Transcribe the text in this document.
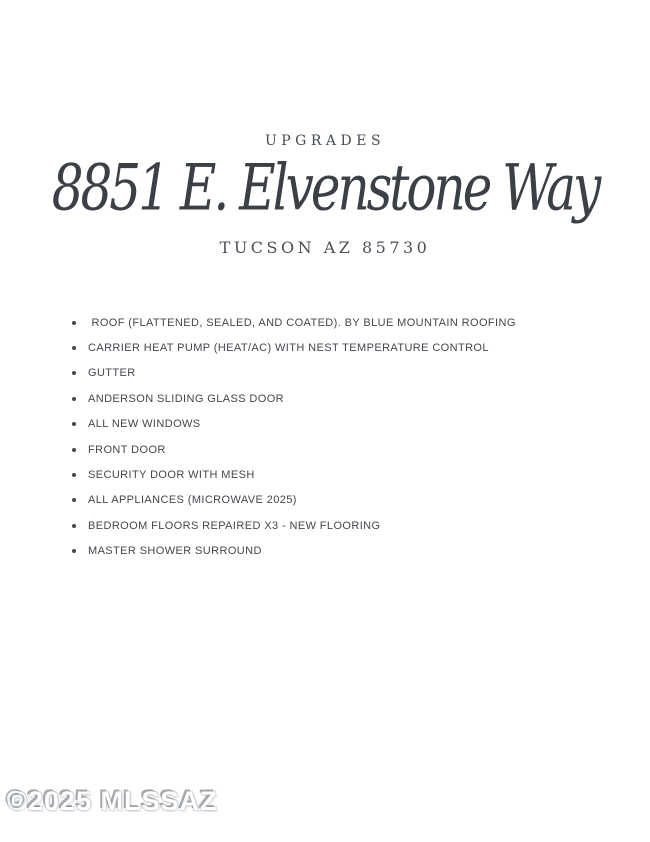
UPGRADES
8851 E. Elvenstone Way
TUCSON AZ 85730
ROOF (FLATTENED, SEALED, AND COATED). BY BLUE MOUNTAIN ROOFING
CARRIER HEAT PUMP (HEAT/AC) WITH NEST TEMPERATURE CONTROL
GUTTER
ANDERSON SLIDING GLASS DOOR
ALL NEW WINDOWS
FRONT DOOR
SECURITY DOOR WITH MESH
ALL APPLIANCES (MICROWAVE 2025)
BEDROOM FLOORS REPAIRED X3 - NEW FLOORING
MASTER SHOWER SURROUND
©2025 MLSSAZ
